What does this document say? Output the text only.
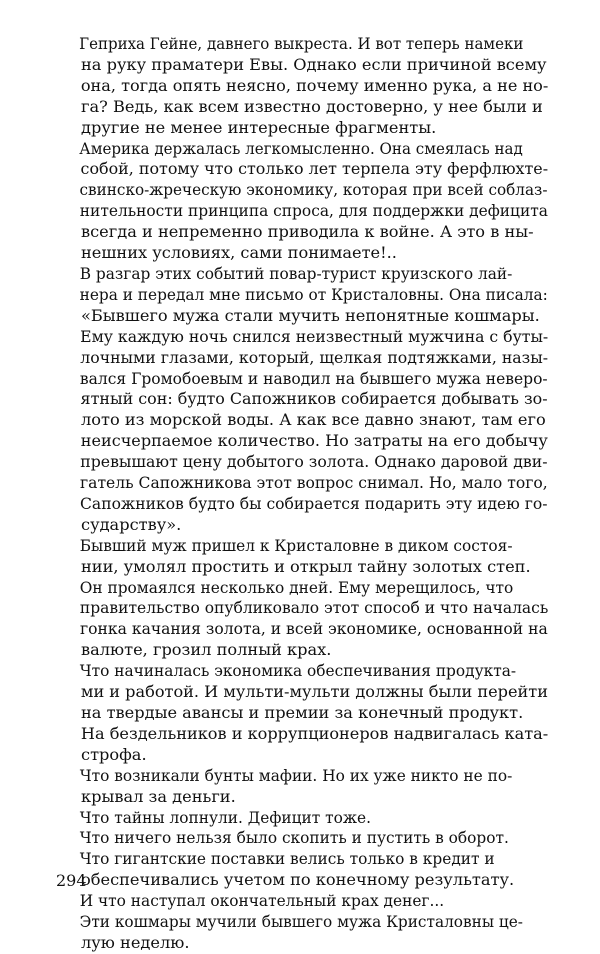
Геприха Гейне, давнего выкреста. И вот теперь намеки
на руку праматери Евы. Однако если причиной всему
она, тогда опять неясно, почему именно рука, а не но-
га? Ведь, как всем известно достоверно, у нее были и
другие не менее интересные фрагменты.

Америка держалась легкомысленно. Она смеялась над
собой, потому что столько лет терпела эту ферфлюхте-
свинско-жреческую экономику, которая при всей соблаз-
нительности принципа спроса, для поддержки дефицита
всегда и непременно приводила к войне. А это в ны-
нешних условиях, сами понимаете!..

В разгар этих событий повар-турист круизского лай-
нера и передал мне письмо от Кристаловны. Она писала:
«Бывшего мужа стали мучить непонятные кошмары.
Ему каждую ночь снился неизвестный мужчина с буты-
лочными глазами, который, щелкая подтяжками, назы-
вался Громобоевым и наводил на бывшего мужа неверо-
ятный сон: будто Сапожников собирается добывать зо-
лото из морской воды. А как все давно знают, там его
неисчерпаемое количество. Но затраты на его добычу
превышают цену добытого золота. Однако даровой дви-
гатель Сапожникова этот вопрос снимал. Но, мало того,
Сапожников будто бы собирается подарить эту идею го-
сударству».

Бывший муж пришел к Кристаловне в диком состоя-
нии, умолял простить и открыл тайну золотых степ.

Он промаялся несколько дней. Ему мерещилось, что
правительство опубликовало этот способ и что началась
гонка качания золота, и всей экономике, основанной на
валюте, грозил полный крах.

Что начиналась экономика обеспечивания продукта-
ми и работой. И мульти-мульти должны были перейти
на твердые авансы и премии за конечный продукт.
На бездельников и коррупционеров надвигалась ката-
строфа.

Что возникали бунты мафии. Но их уже никто не по-
крывал за деньги.

Что тайны лопнули. Дефицит тоже.

Что ничего нельзя было скопить и пустить в оборот.

Что гигантские поставки велись только в кредит и
обеспечивались учетом по конечному результату.

И что наступал окончательный крах денег...

Эти кошмары мучили бывшего мужа Кристаловны це-
лую неделю.

294
